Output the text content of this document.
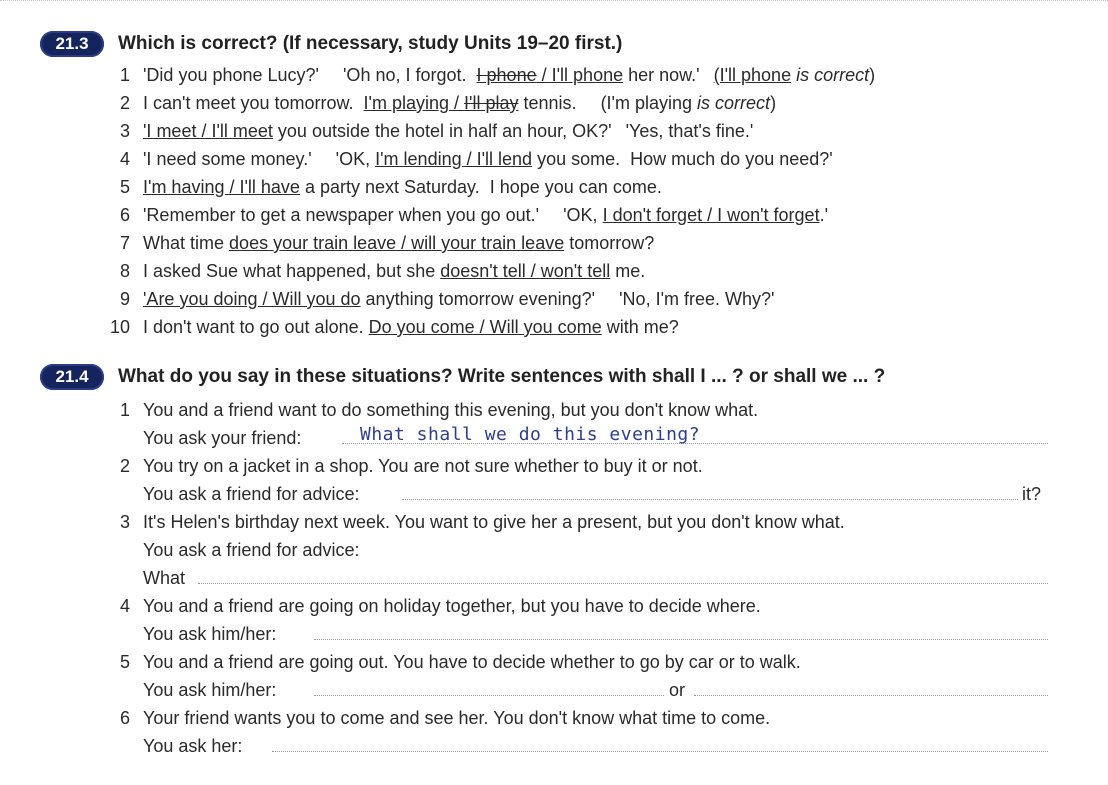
21.3	Which is correct? (If necessary, study Units 19–20 first.)
1 'Did you phone Lucy?' 'Oh no, I forgot. I phone / I'll phone her now.' (I'll phone is correct)
2 I can't meet you tomorrow. I'm playing / I'll play tennis. (I'm playing is correct)
3 'I meet / I'll meet you outside the hotel in half an hour, OK?' 'Yes, that's fine.'
4 'I need some money.' 'OK, I'm lending / I'll lend you some. How much do you need?'
5 I'm having / I'll have a party next Saturday. I hope you can come.
6 'Remember to get a newspaper when you go out.' 'OK, I don't forget / I won't forget.'
7 What time does your train leave / will your train leave tomorrow?
8 I asked Sue what happened, but she doesn't tell / won't tell me.
9 'Are you doing / Will you do anything tomorrow evening?' 'No, I'm free. Why?'
10 I don't want to go out alone. Do you come / Will you come with me?
21.4	What do you say in these situations? Write sentences with shall I ... ? or shall we ... ?
1 You and a friend want to do something this evening, but you don't know what.
You ask your friend:	What shall we do this evening?
2 You try on a jacket in a shop. You are not sure whether to buy it or not.
You ask a friend for advice:	it?
3 It's Helen's birthday next week. You want to give her a present, but you don't know what.
You ask a friend for advice:
What
4 You and a friend are going on holiday together, but you have to decide where.
You ask him/her:
5 You and a friend are going out. You have to decide whether to go by car or to walk.
You ask him/her:	or
6 Your friend wants you to come and see her. You don't know what time to come.
You ask her:
